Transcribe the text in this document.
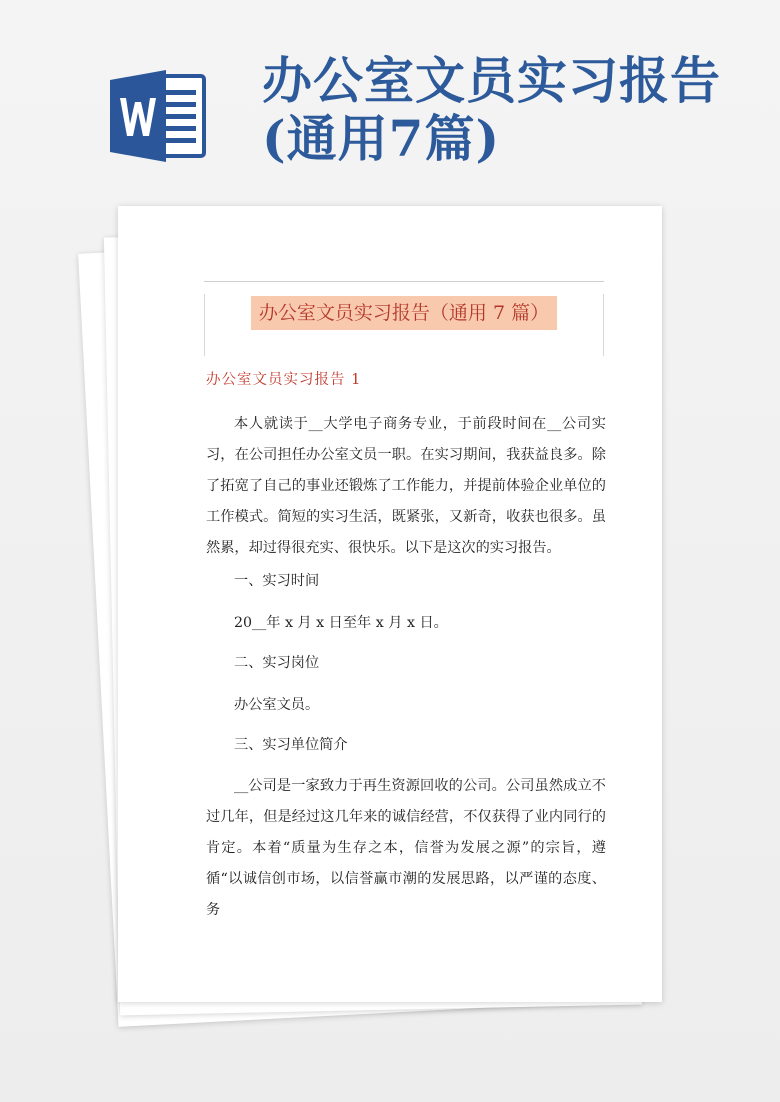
办公室文员实习报告(通用7篇)
办公室文员实习报告（通用 7 篇）
办公室文员实习报告 1
本人就读于__大学电子商务专业，于前段时间在__公司实习，在公司担任办公室文员一职。在实习期间，我获益良多。除了拓宽了自己的事业还锻炼了工作能力，并提前体验企业单位的工作模式。简短的实习生活，既紧张，又新奇，收获也很多。虽然累，却过得很充实、很快乐。以下是这次的实习报告。
一、实习时间
20__年 x 月 x 日至年 x 月 x 日。
二、实习岗位
办公室文员。
三、实习单位简介
__公司是一家致力于再生资源回收的公司。公司虽然成立不过几年，但是经过这几年来的诚信经营，不仅获得了业内同行的肯定。本着“质量为生存之本，信誉为发展之源”的宗旨，遵循“以诚信创市场，以信誉赢市潮的发展思路，以严谨的态度、务
